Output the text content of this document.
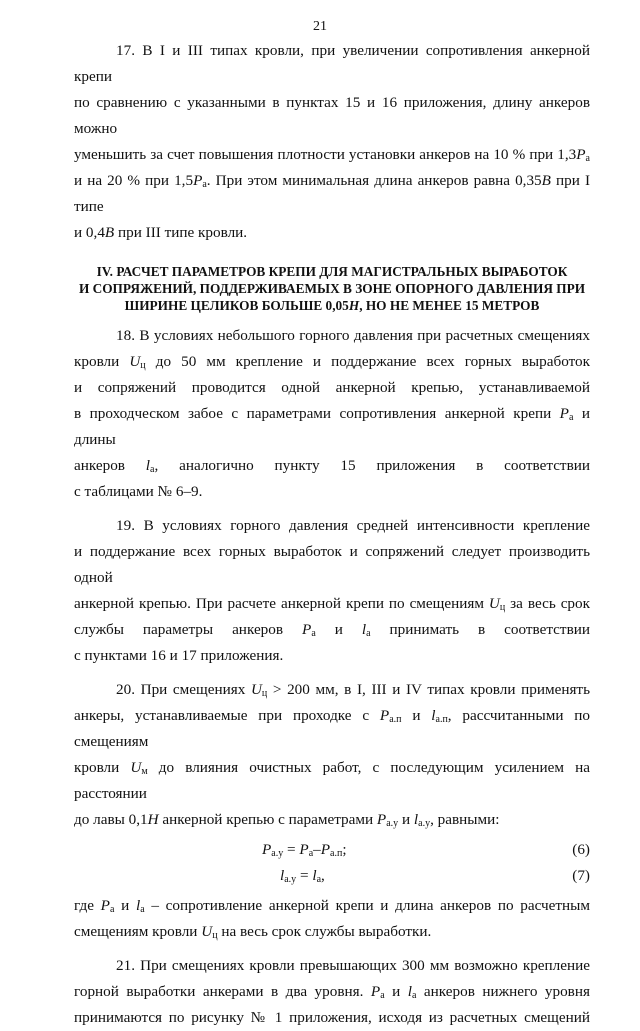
21

17. В I и III типах кровли, при увеличении сопротивления анкерной крепи

по сравнению с указанными в пунктах 15 и 16 приложения, длину анкеров можно

уменьшить за счет повышения плотности установки анкеров на 10 % при $1,3P_а$

и на 20 % при $1,5P_а$. При этом минимальная длина анкеров равна 0,35B при I типе

и 0,4B при III типе кровли.

IV. РАСЧЕТ ПАРАМЕТРОВ КРЕПИ ДЛЯ МАГИСТРАЛЬНЫХ ВЫРАБОТОК
И СОПРЯЖЕНИЙ, ПОДДЕРЖИВАЕМЫХ В ЗОНЕ ОПОРНОГО ДАВЛЕНИЯ ПРИ
ШИРИНЕ ЦЕЛИКОВ БОЛЬШЕ 0,05H, НО НЕ МЕНЕЕ 15 МЕТРОВ

18. В условиях небольшого горного давления при расчетных смещениях

кровли $U_ц$ до 50 мм крепление и поддержание всех горных выработок

и сопряжений проводится одной анкерной крепью, устанавливаемой

в проходческом забое с параметрами сопротивления анкерной крепи $P_а$ и длины

анкеров $l_а$, аналогично пункту 15 приложения в соответствии

с таблицами № 6–9.

19. В условиях горного давления средней интенсивности крепление

и поддержание всех горных выработок и сопряжений следует производить одной

анкерной крепью. При расчете анкерной крепи по смещениям $U_ц$ за весь срок

службы параметры анкеров $P_а$ и $l_а$ принимать в соответствии

с пунктами 16 и 17 приложения.

20. При смещениях $U_ц > 200$ мм, в I, III и IV типах кровли применять

анкеры, устанавливаемые при проходке с $P_{а.п}$ и $l_{а.п}$, рассчитанными по смещениям

кровли $U_м$ до влияния очистных работ, с последующим усилением на расстоянии

до лавы 0,1H анкерной крепью с параметрами $P_{а.у}$ и $l_{а.у}$, равными:

$P_{а.у} = P_а-P_{а.п}$;	(6)
$l_{а.у} = l_а$,	(7)

где $P_а$ и $l_а$ – сопротивление анкерной крепи и длина анкеров по расчетным

смещениям кровли $U_ц$ на весь срок службы выработки.

21. При смещениях кровли превышающих 300 мм возможно крепление

горной выработки анкерами в два уровня. $P_а$ и $l_а$ анкеров нижнего уровня

принимаются по рисунку № 1 приложения, исходя из расчетных смещений
